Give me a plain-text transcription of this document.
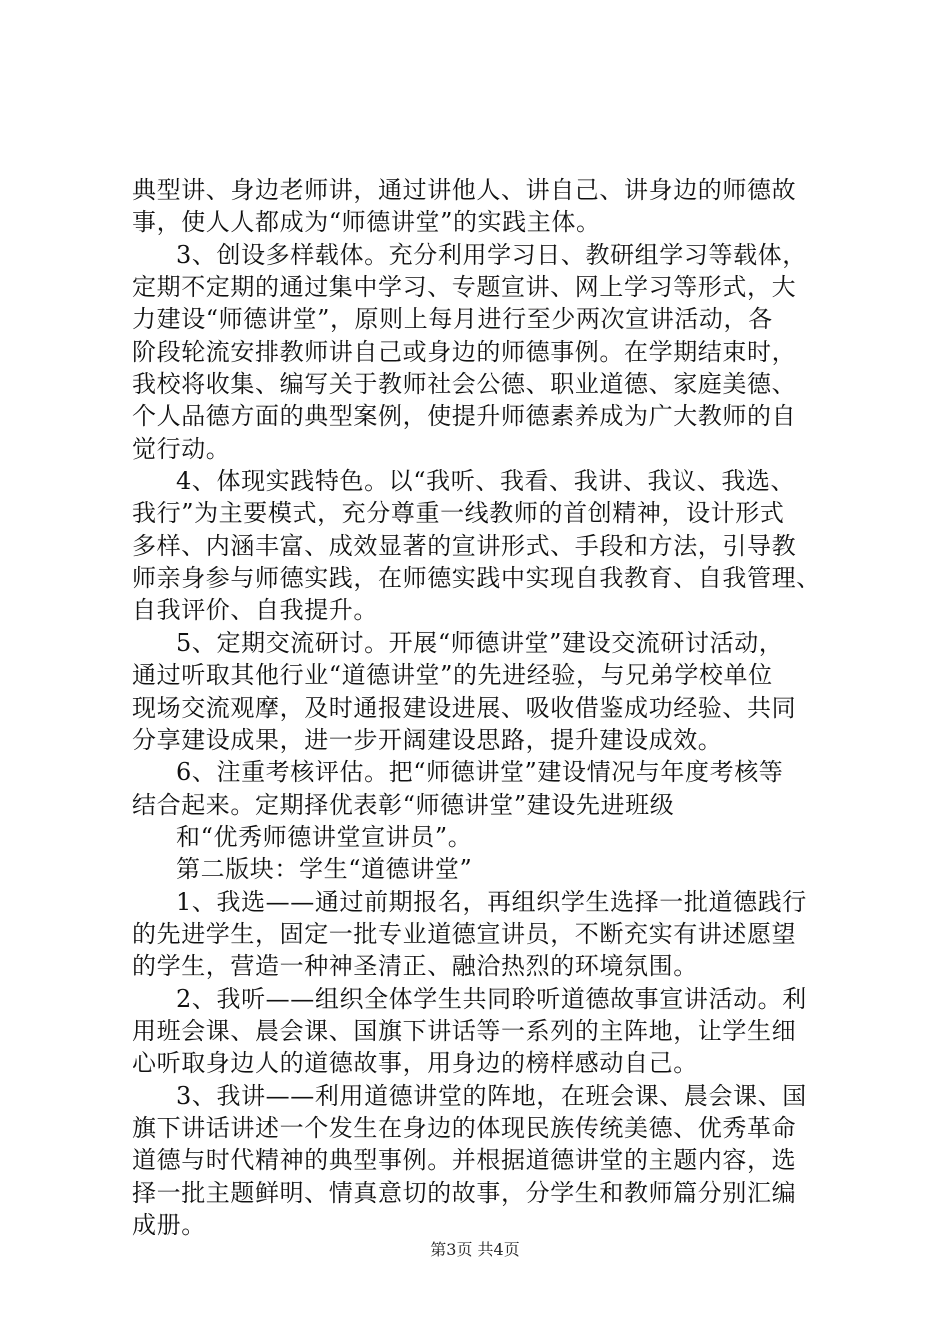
典型讲、身边老师讲，通过讲他人、讲自己、讲身边的师德故
事，使人人都成为“师德讲堂”的实践主体。
3、创设多样载体。充分利用学习日、教研组学习等载体，
定期不定期的通过集中学习、专题宣讲、网上学习等形式，大
力建设“师德讲堂”，原则上每月进行至少两次宣讲活动，各
阶段轮流安排教师讲自己或身边的师德事例。在学期结束时，
我校将收集、编写关于教师社会公德、职业道德、家庭美德、
个人品德方面的典型案例，使提升师德素养成为广大教师的自
觉行动。
4、体现实践特色。以“我听、我看、我讲、我议、我选、
我行”为主要模式，充分尊重一线教师的首创精神，设计形式
多样、内涵丰富、成效显著的宣讲形式、手段和方法，引导教
师亲身参与师德实践，在师德实践中实现自我教育、自我管理、
自我评价、自我提升。
5、定期交流研讨。开展“师德讲堂”建设交流研讨活动，
通过听取其他行业“道德讲堂”的先进经验，与兄弟学校单位
现场交流观摩，及时通报建设进展、吸收借鉴成功经验、共同
分享建设成果，进一步开阔建设思路，提升建设成效。
6、注重考核评估。把“师德讲堂”建设情况与年度考核等
结合起来。定期择优表彰“师德讲堂”建设先进班级
和“优秀师德讲堂宣讲员”。
第二版块：学生“道德讲堂”
1、我选——通过前期报名，再组织学生选择一批道德践行
的先进学生，固定一批专业道德宣讲员，不断充实有讲述愿望
的学生，营造一种神圣清正、融洽热烈的环境氛围。
2、我听——组织全体学生共同聆听道德故事宣讲活动。利
用班会课、晨会课、国旗下讲话等一系列的主阵地，让学生细
心听取身边人的道德故事，用身边的榜样感动自己。
3、我讲——利用道德讲堂的阵地，在班会课、晨会课、国
旗下讲话讲述一个发生在身边的体现民族传统美德、优秀革命
道德与时代精神的典型事例。并根据道德讲堂的主题内容，选
择一批主题鲜明、情真意切的故事，分学生和教师篇分别汇编
成册。
第3页 共4页
